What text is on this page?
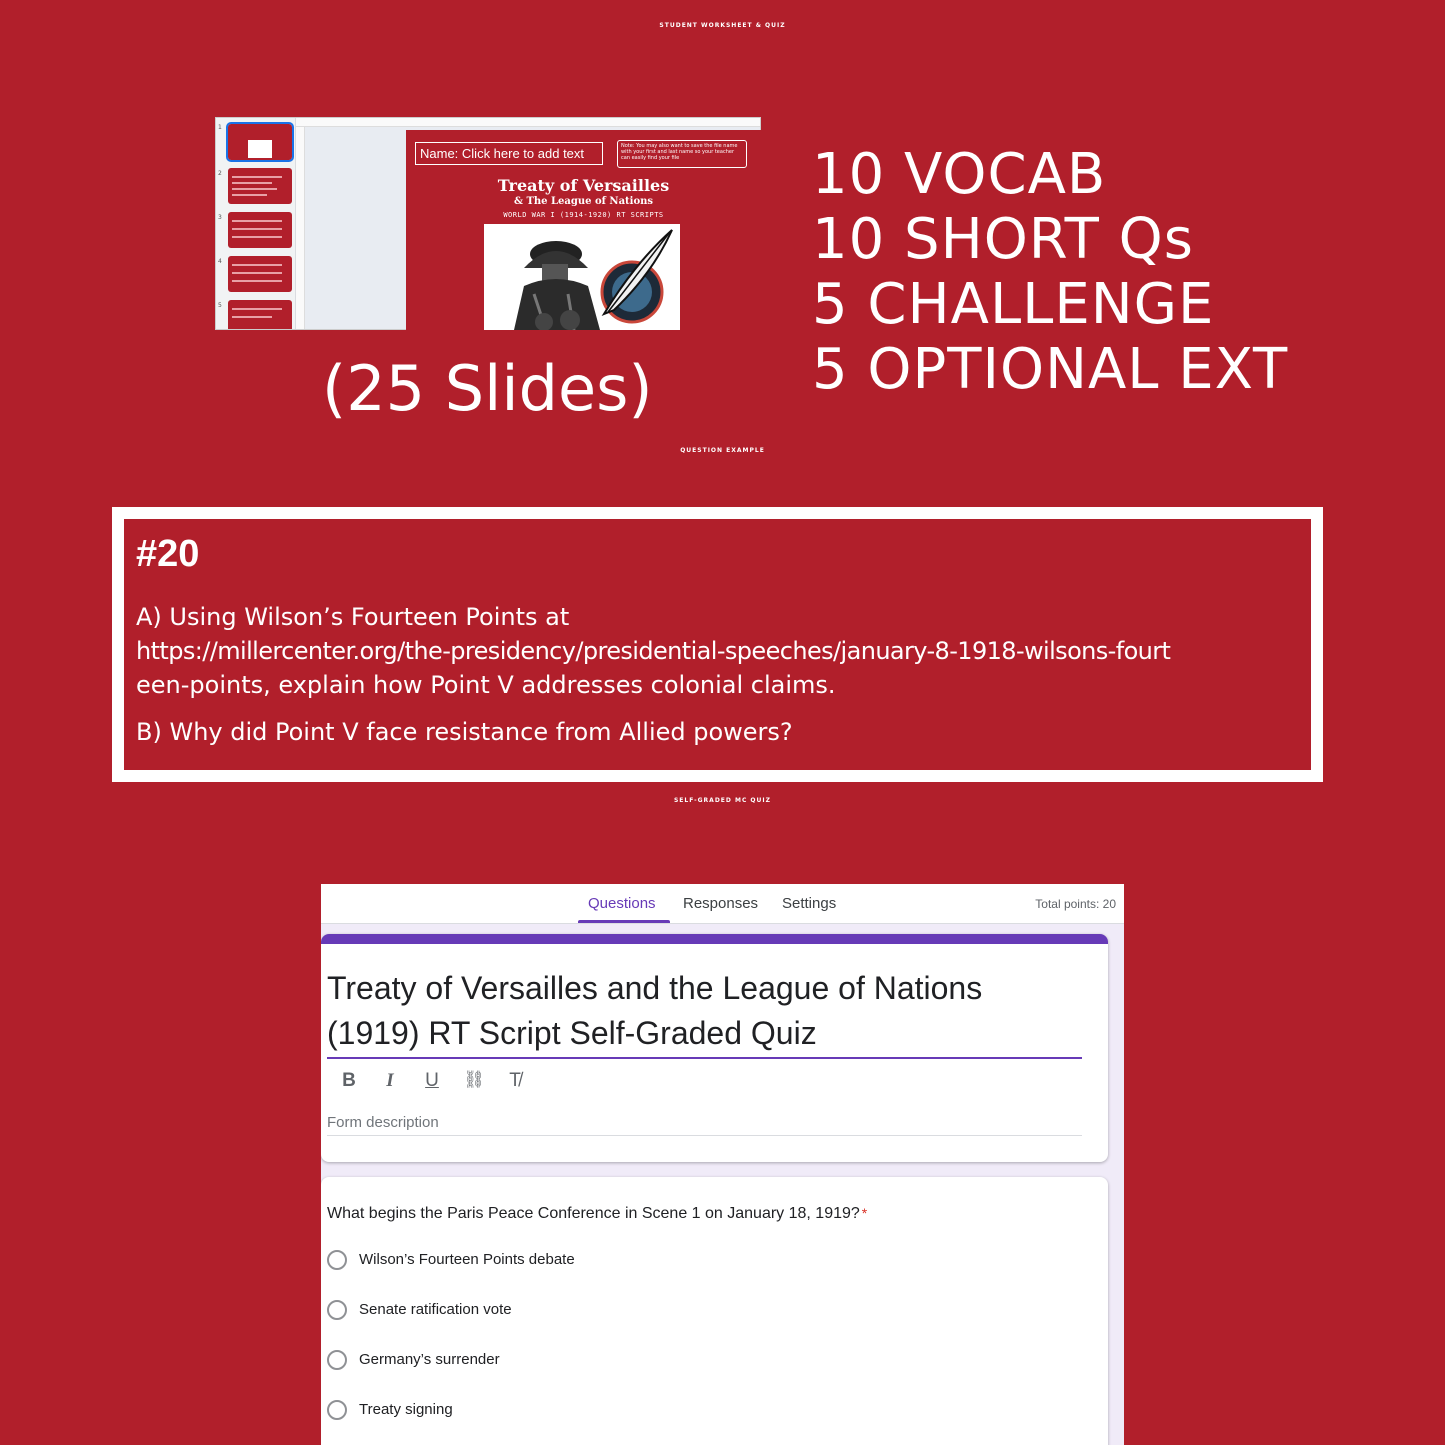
STUDENT WORKSHEET & QUIZ
1
2
3
4
5
Name: Click here to add text	Note: You may also want to save the file name with your first and last name so your teacher can easily find your file
Treaty of Versailles
& The League of Nations
WORLD WAR I (1914-1920) RT SCRIPTS
(25 Slides)
10 VOCAB
10 SHORT Qs
5 CHALLENGE
5 OPTIONAL EXT
QUESTION EXAMPLE
#20
A) Using Wilson’s Fourteen Points at
https://millercenter.org/the-presidency/presidential-speeches/january-8-1918-wilsons-fourt
een-points, explain how Point V addresses colonial claims.
B) Why did Point V face resistance from Allied powers?
SELF-GRADED MC QUIZ
Questions Responses Settings	Total points: 20
Treaty of Versailles and the League of Nations
(1919) RT Script Self-Graded Quiz
B	I	U	⛓	T̸
Form description
What begins the Paris Peace Conference in Scene 1 on January 18, 1919? *
Wilson’s Fourteen Points debate
Senate ratification vote
Germany’s surrender
Treaty signing
